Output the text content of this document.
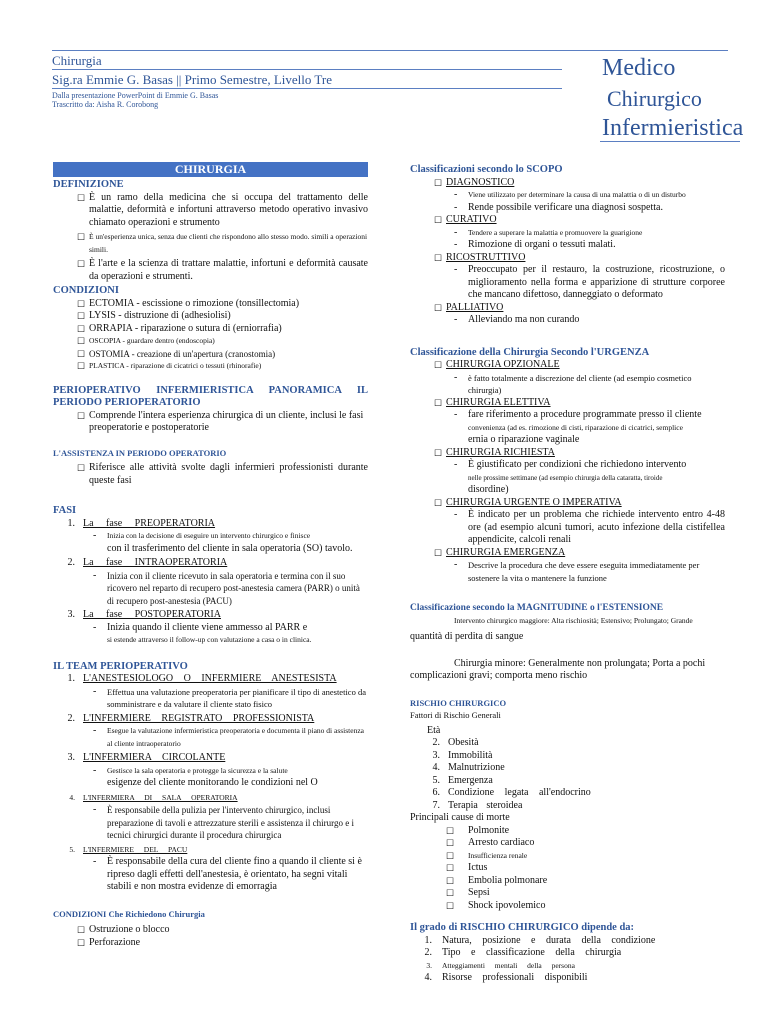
Chirurgia
Sig.ra Emmie G. Basas || Primo Semestre, Livello Tre
Dalla presentazione PowerPoint di Emmie G. Basas
Trascritto da: Aisha R. Corobong
Medico
Chirurgico
Infermieristica
CHIRURGIA
DEFINIZIONE
☐ È un ramo della medicina che si occupa del trattamento delle malattie, deformità e infortuni attraverso metodo operativo invasivo chiamato operazioni e strumento
☐ È un'esperienza unica, senza due clienti che rispondono allo stesso modo. simili a operazioni simili.
☐ È l'arte e la scienza di trattare malattie, infortuni e deformità causate da operazioni e strumenti.
CONDIZIONI
☐ ECTOMIA - escissione o rimozione (tonsillectomia)
☐ LYSIS - distruzione di (adhesiolisi)
☐ ORRAPIA - riparazione o sutura di (erniorrafia)
☐ OSCOPIA - guardare dentro (endoscopia)
☐ OSTOMIA - creazione di un'apertura (cranostomia)
☐ PLASTICA - riparazione di cicatrici o tessuti (rhinorafie)
PERIOPERATIVO INFERMIERISTICA PANORAMICA IL PERIODO PERIOPERATORIO
☐ Comprende l'intera esperienza chirurgica di un cliente, inclusi le fasi preoperatorie e postoperatorie
L'ASSISTENZA IN PERIODO OPERATORIO
☐ Riferisce alle attività svolte dagli infermieri professionisti durante queste fasi
FASI
1. La fase PREOPERATORIA
-	Inizia con la decisione di eseguire un intervento chirurgico e finisce
con il trasferimento del cliente in sala operatoria (SO) tavolo.
2. La fase INTRAOPERATORIA
-	Inizia con il cliente ricevuto in sala operatoria e termina con il suo ricovero nel reparto di recupero post-anestesia camera (PARR) o unità di recupero post-anestesia (PACU)
3. La fase POSTOPERATORIA
-	Inizia quando il cliente viene ammesso al PARR e
si estende attraverso il follow-up con valutazione a casa o in clinica.
IL TEAM PERIOPERATIVO
1. L'ANESTESIOLOGO O INFERMIERE ANESTESISTA
-	Effettua una valutazione preoperatoria per pianificare il tipo di anestetico da somministrare e da valutare il cliente stato fisico
2. L'INFERMIERE REGISTRATO PROFESSIONISTA
-	Esegue la valutazione infermieristica preoperatoria e documenta il piano di assistenza al cliente intraoperatorio
3. L'INFERMIERA CIRCOLANTE
-	Gestisce la sala operatoria e protegge la sicurezza e la salute
esigenze del cliente monitorando le condizioni nel O
4.	L'INFERMIERA DI SALA OPERATORIA
-	È responsabile della pulizia per l'intervento chirurgico, inclusi preparazione di tavoli e attrezzature sterili e assistenza il chirurgo e i tecnici chirurgici durante il procedura chirurgica
5.	L'INFERMIERE DEL PACU
-	È responsabile della cura del cliente fino a quando il cliente si è ripreso dagli effetti dell'anestesia, è orientato, ha segni vitali stabili e non mostra evidenze di emorragia
CONDIZIONI Che Richiedono Chirurgia
☐ Ostruzione o blocco
☐ Perforazione
Classificazioni secondo lo SCOPO
☐ DIAGNOSTICO
-	Viene utilizzato per determinare la causa di una malattia o di un disturbo
-	Rende possibile verificare una diagnosi sospetta.
☐ CURATIVO
-	Tendere a superare la malattia e promuovere la guarigione
-	Rimozione di organi o tessuti malati.
☐ RICOSTRUTTIVO
-	Preoccupato per il restauro, la costruzione, ricostruzione, o miglioramento nella forma e apparizione di strutture corporee che mancano difettoso, danneggiato o deformato
☐ PALLIATIVO
-	Alleviando ma non curando
Classificazione della Chirurgia Secondo l'URGENZA
☐ CHIRURGIA OPZIONALE
-	è fatto totalmente a discrezione del cliente (ad esempio cosmetico chirurgia)
☐ CHIRURGIA ELETTIVA
-	fare riferimento a procedure programmate presso il cliente
convenienza (ad es. rimozione di cisti, riparazione di cicatrici, semplice
ernia o riparazione vaginale
☐ CHIRURGIA RICHIESTA
-	È giustificato per condizioni che richiedono intervento
nelle prossime settimane (ad esempio chirurgia della cataratta, tiroide
disordine)
☐ CHIRURGIA URGENTE O IMPERATIVA
-	È indicato per un problema che richiede intervento entro 4-48 ore (ad esempio alcuni tumori, acuto infezione della cistifellea appendicite, calcoli renali
☐ CHIRURGIA EMERGENZA
-	Descrive la procedura che deve essere eseguita immediatamente per sostenere la vita o mantenere la funzione
Classificazione secondo la MAGNITUDINE o l'ESTENSIONE
Intervento chirurgico maggiore: Alta rischiosità; Estensivo; Prolungato; Grande
quantità di perdita di sangue
Chirurgia minore: Generalmente non prolungata; Porta a pochi complicazioni gravi; comporta meno rischio
RISCHIO CHIRURGICO
Fattori di Rischio Generali
Età
2. Obesità
3. Immobilità
4. Malnutrizione
5. Emergenza
6. Condizione legata all'endocrino
7. Terapia steroidea
Principali cause di morte
☐	Polmonite
☐	Arresto cardiaco
☐	Insufficienza renale
☐	Ictus
☐	Embolia polmonare
☐	Sepsi
☐	Shock ipovolemico
Il grado di RISCHIO CHIRURGICO dipende da:
1.	Natura, posizione e durata della condizione
2.	Tipo e classificazione della chirurgia
3.	Atteggiamenti mentali della persona
4.	Risorse professionali disponibili
